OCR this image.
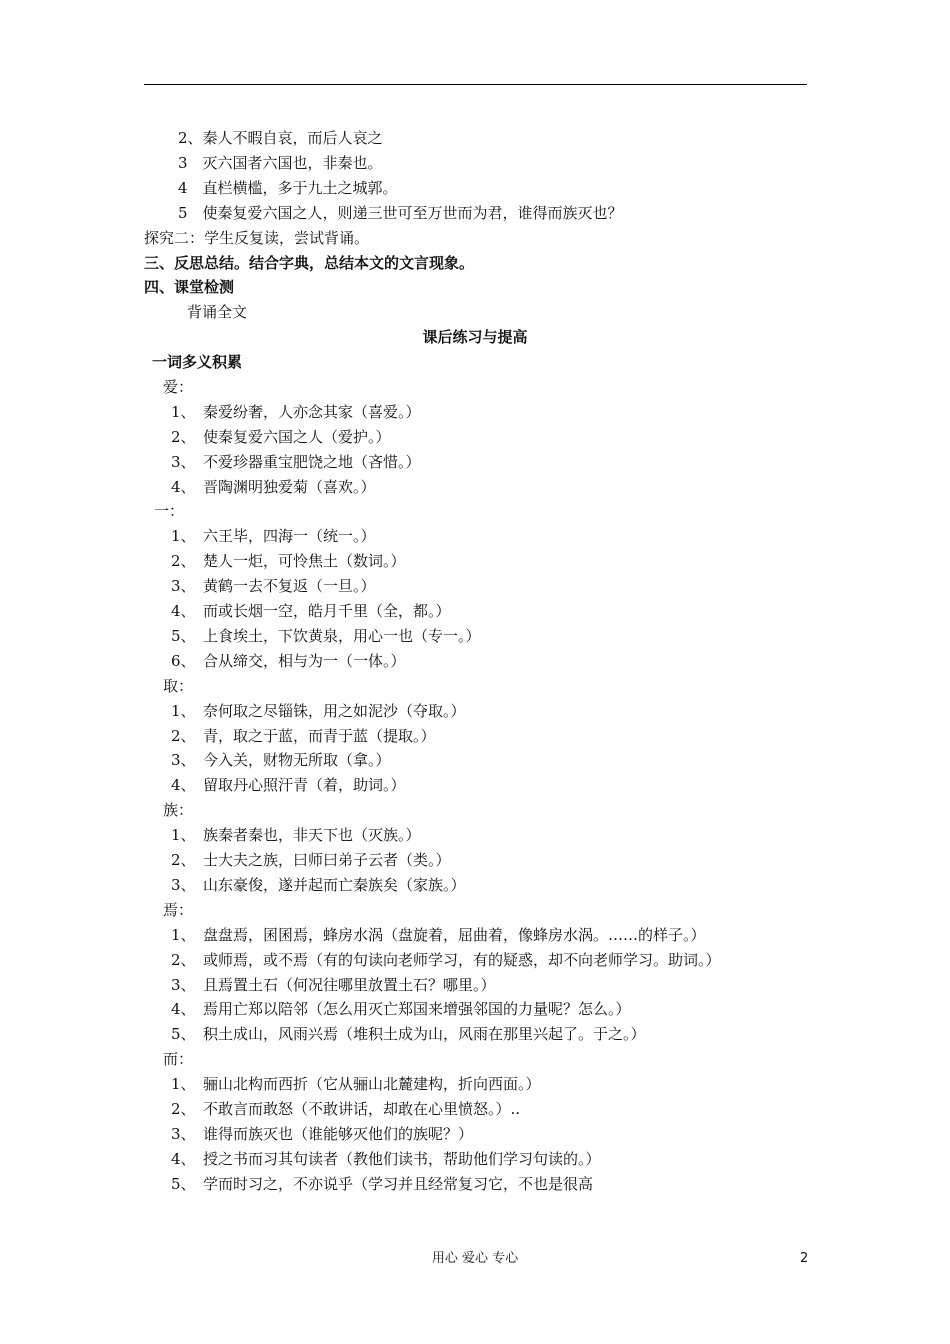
2、秦人不暇自哀，而后人哀之
3　灭六国者六国也，非秦也。
4　直栏横槛，多于九土之城郭。
5　使秦复爱六国之人，则递三世可至万世而为君，谁得而族灭也？
探究二：学生反复读，尝试背诵。
三、反思总结。结合字典，总结本文的文言现象。
四、课堂检测
背诵全文
课后练习与提高
一词多义积累
爱：
1、 秦爱纷奢，人亦念其家（喜爱。）
2、 使秦复爱六国之人（爱护。）
3、 不爱珍器重宝肥饶之地（吝惜。）
4、 晋陶渊明独爱菊（喜欢。）
一：
1、 六王毕，四海一（统一。）
2、 楚人一炬，可怜焦土（数词。）
3、 黄鹤一去不复返（一旦。）
4、 而或长烟一空，皓月千里（全，都。）
5、 上食埃土，下饮黄泉，用心一也（专一。）
6、 合从缔交，相与为一（一体。）
取：
1、 奈何取之尽锱铢，用之如泥沙（夺取。）
2、 青，取之于蓝，而青于蓝（提取。）
3、 今入关，财物无所取（拿。）
4、 留取丹心照汗青（着，助词。）
族：
1、 族秦者秦也，非天下也（灭族。）
2、 士大夫之族，曰师曰弟子云者（类。）
3、 山东豪俊，遂并起而亡秦族矣（家族。）
焉：
1、 盘盘焉，囷囷焉，蜂房水涡（盘旋着，屈曲着，像蜂房水涡。……的样子。）
2、 或师焉，或不焉（有的句读向老师学习，有的疑惑，却不向老师学习。助词。）
3、 且焉置土石（何况往哪里放置土石？哪里。）
4、 焉用亡郑以陪邻（怎么用灭亡郑国来增强邻国的力量呢？怎么。）
5、 积土成山，风雨兴焉（堆积土成为山，风雨在那里兴起了。于之。）
而：
1、 骊山北构而西折（它从骊山北麓建构，折向西面。）
2、 不敢言而敢怒（不敢讲话，却敢在心里愤怒。）..
3、 谁得而族灭也（谁能够灭他们的族呢？）
4、 授之书而习其句读者（教他们读书，帮助他们学习句读的。）
5、 学而时习之，不亦说乎（学习并且经常复习它，不也是很高
用心 爱心 专心	2
